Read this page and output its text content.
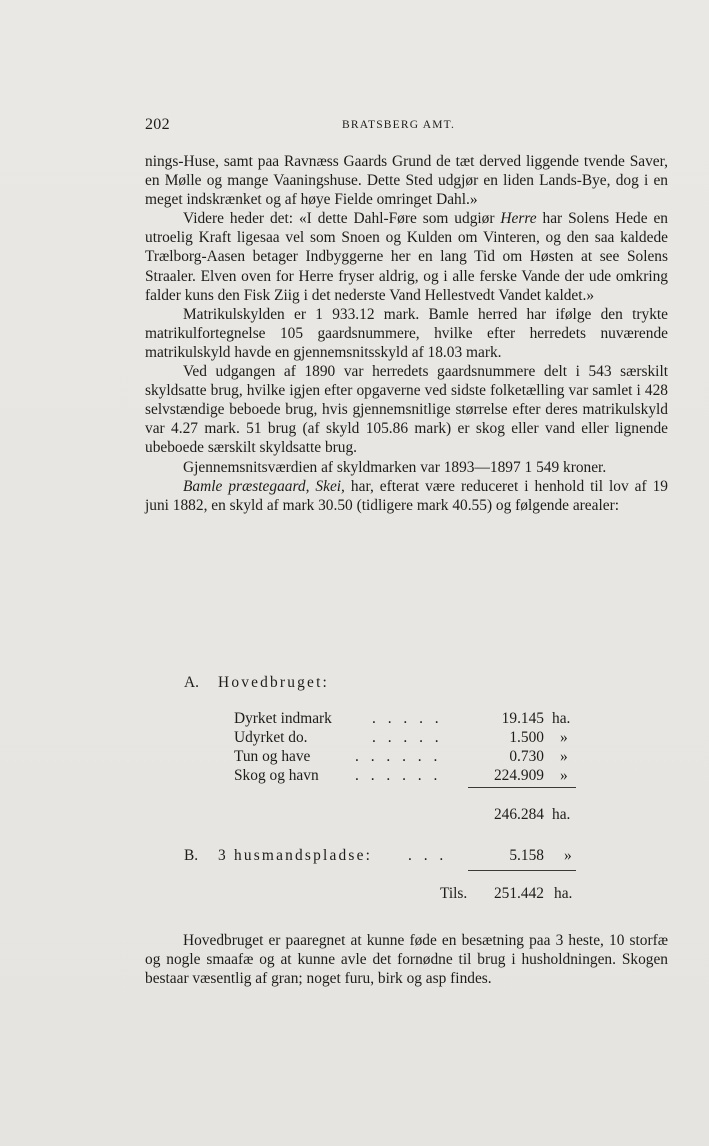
202	BRATSBERG AMT.

nings-Huse, samt paa Ravnæss Gaards Grund de tæt derved liggende tvende Saver, en Mølle og mange Vaaningshuse. Dette Sted udgjør en liden Lands-Bye, dog i en meget indskrænket og af høye Fielde omringet Dahl.»

Videre heder det: «I dette Dahl-Føre som udgiør Herre har Solens Hede en utroelig Kraft ligesaa vel som Snoen og Kulden om Vinteren, og den saa kaldede Trælborg-Aasen betager Indbyggerne her en lang Tid om Høsten at see Solens Straaler. Elven oven for Herre fryser aldrig, og i alle ferske Vande der ude omkring falder kuns den Fisk Ziig i det nederste Vand Hellestvedt Vandet kaldet.»

Matrikulskylden er 1 933.12 mark. Bamle herred har ifølge den trykte matrikulfortegnelse 105 gaardsnummere, hvilke efter herredets nuværende matrikulskyld havde en gjennemsnitsskyld af 18.03 mark.

Ved udgangen af 1890 var herredets gaardsnummere delt i 543 særskilt skyldsatte brug, hvilke igjen efter opgaverne ved sidste folketælling var samlet i 428 selvstændige beboede brug, hvis gjennemsnitlige størrelse efter deres matrikulskyld var 4.27 mark. 51 brug (af skyld 105.86 mark) er skog eller vand eller lignende ubeboede særskilt skyldsatte brug.

Gjennemsnitsværdien af skyldmarken var 1893—1897 1 549 kroner.

Bamle præstegaard, Skei, har, efterat være reduceret i henhold til lov af 19 juni 1882, en skyld af mark 30.50 (tidligere mark 40.55) og følgende arealer:

A. Hovedbruget:
Dyrket indmark	. . . . .	19.145 ha.
Udyrket do.	. . . . .	1.500 »
Tun og have	. . . . . .	0.730 »
Skog og havn . . . . . .	224.909 »
246.284 ha.
B. 3 husmandspladse: . . .	5.158 »
Tils.	251.442 ha.

Hovedbruget er paaregnet at kunne føde en besætning paa 3 heste, 10 storfæ og nogle smaafæ og at kunne avle det fornødne til brug i husholdningen. Skogen bestaar væsentlig af gran; noget furu, birk og asp findes.
